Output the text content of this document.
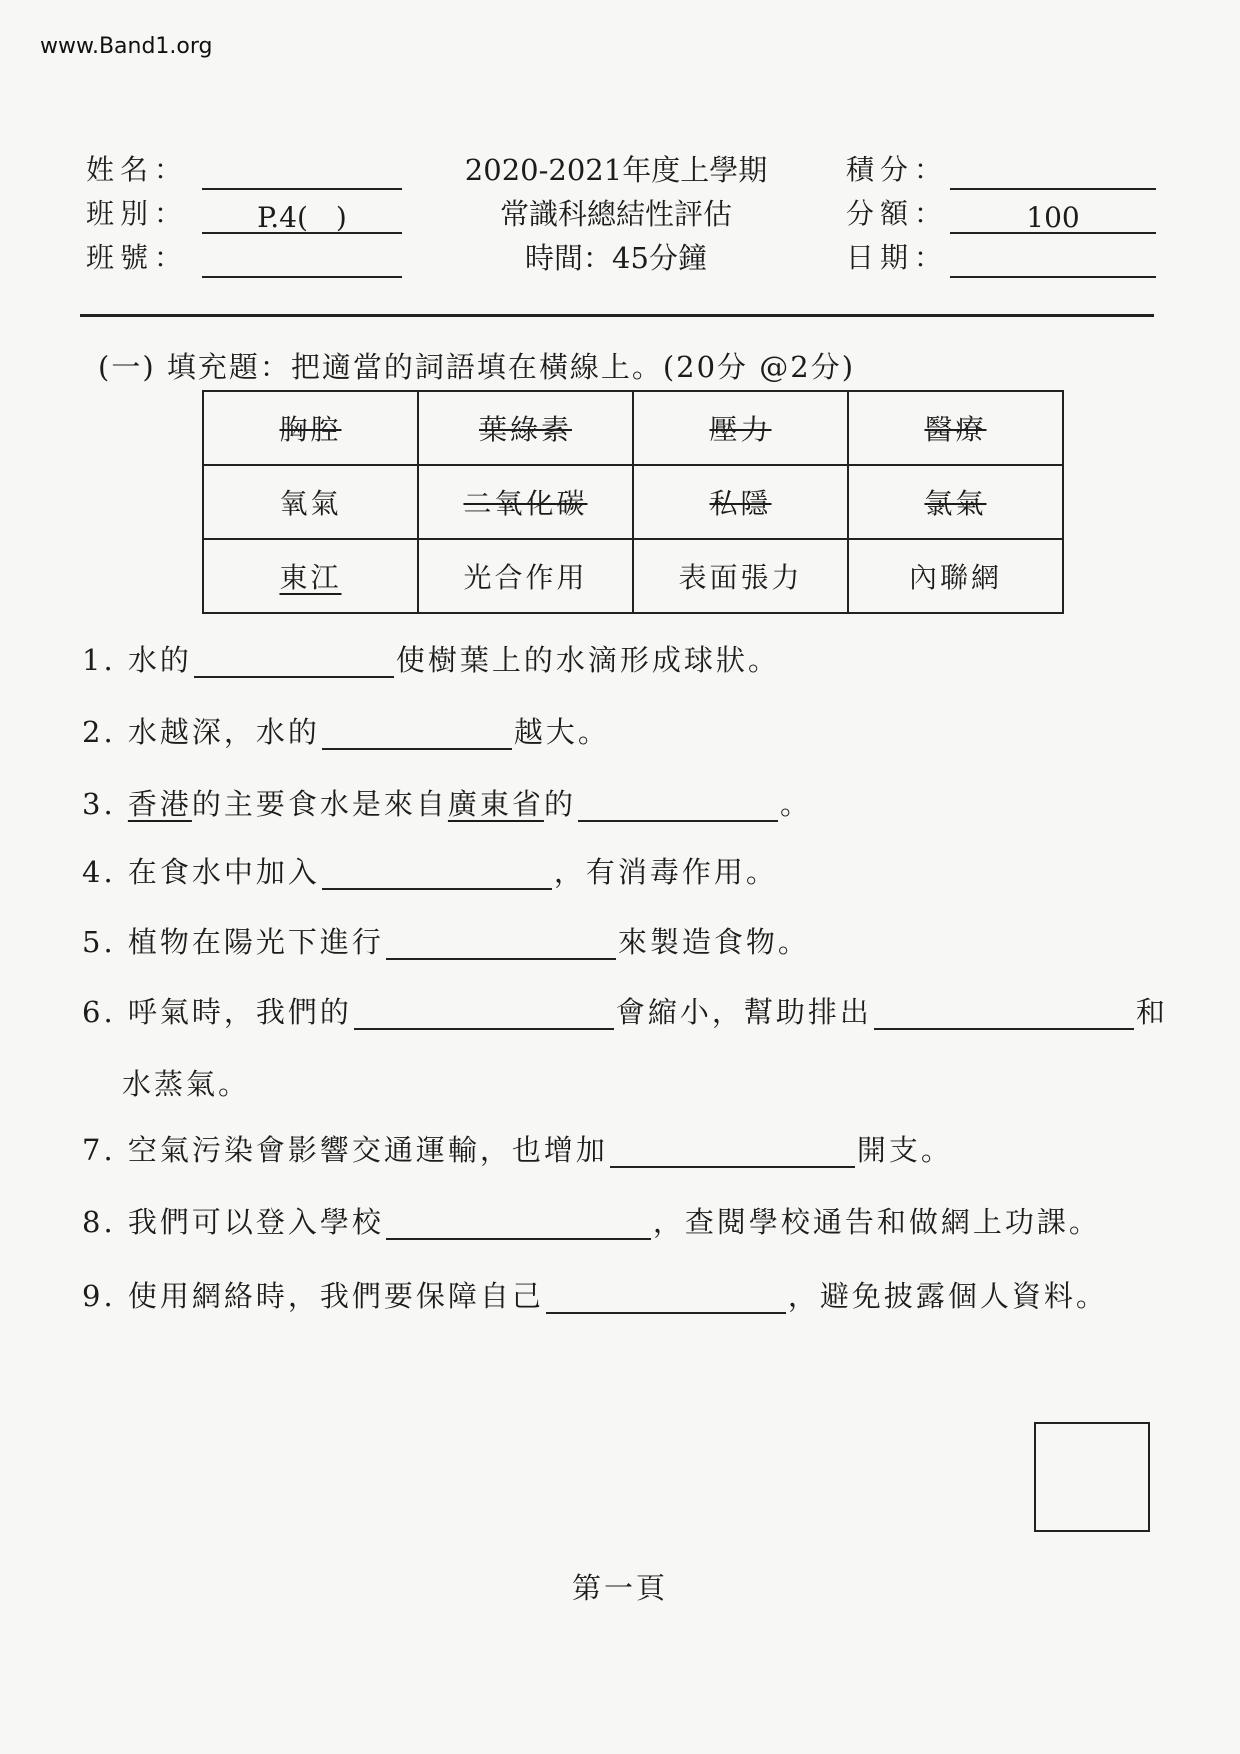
www.Band1.org
姓名：
班別：	P.4(　)
班號：
2020-2021年度上學期
常識科總結性評估
時間：45分鐘
積分：
分額：	100
日期：
(一) 填充題：把適當的詞語填在橫線上。(20分 @2分)
胸腔	葉綠素	壓力	醫療
氧氣	二氧化碳	私隱	氯氣
東江	光合作用	表面張力	內聯網
1. 水的	使樹葉上的水滴形成球狀。
2. 水越深，水的	越大。
3. 香港的主要食水是來自廣東省的	。
4. 在食水中加入	，有消毒作用。
5. 植物在陽光下進行	來製造食物。
6. 呼氣時，我們的	會縮小，幫助排出	和
水蒸氣。
7. 空氣污染會影響交通運輸，也增加	開支。
8. 我們可以登入學校	，查閱學校通告和做網上功課。
9. 使用網絡時，我們要保障自己	，避免披露個人資料。
第一頁
